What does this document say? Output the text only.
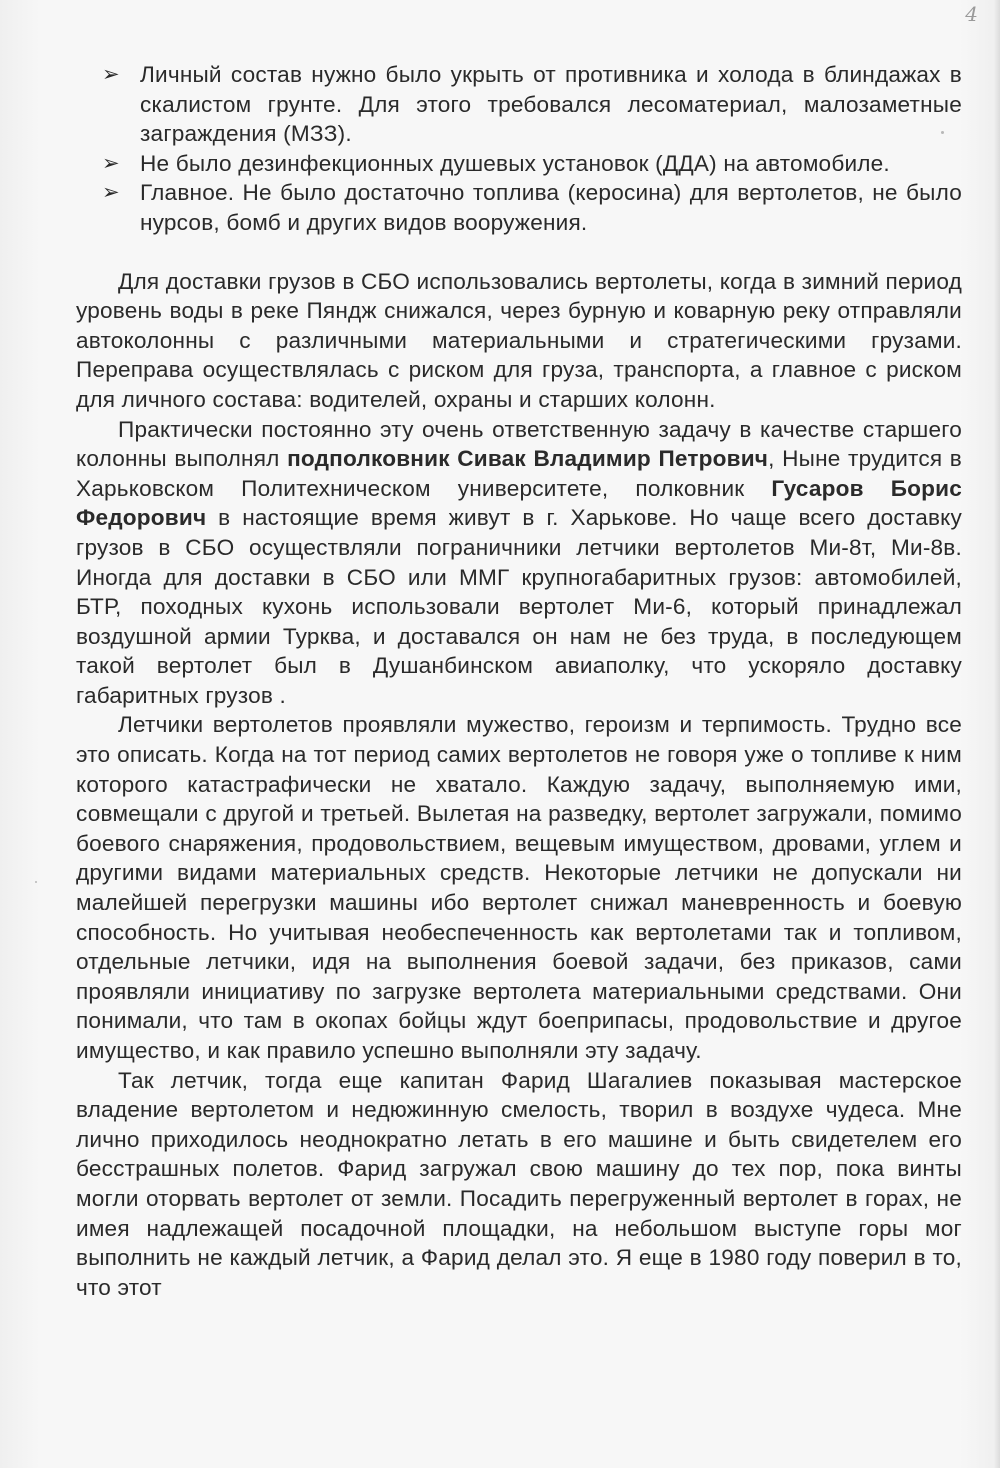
4
➢ Личный состав нужно было укрыть от противника и холода в блиндажах в скалистом грунте. Для этого требовался лесоматериал, малозаметные заграждения (МЗЗ).
➢ Не было дезинфекционных душевых установок (ДДА) на автомобиле.
➢ Главное. Не было достаточно топлива (керосина) для вертолетов, не было нурсов, бомб и других видов вооружения.

Для доставки грузов в СБО использовались вертолеты, когда в зимний период уровень воды в реке Пяндж снижался, через бурную и коварную реку отправляли автоколонны с различными материальными и стратегическими грузами. Переправа осуществлялась с риском для груза, транспорта, а главное с риском для личного состава: водителей, охраны и старших колонн.

Практически постоянно эту очень ответственную задачу в качестве старшего колонны выполнял подполковник Сивак Владимир Петрович, Ныне трудится в Харьковском Политехническом университете, полковник Гусаров Борис Федорович в настоящие время живут в г. Харькове. Но чаще всего доставку грузов в СБО осуществляли пограничники летчики вертолетов Ми-8т, Ми-8в. Иногда для доставки в СБО или ММГ крупногабаритных грузов: автомобилей, БТР, походных кухонь использовали вертолет Ми-6, который принадлежал воздушной армии Турква, и доставался он нам не без труда, в последующем такой вертолет был в Душанбинском авиаполку, что ускоряло доставку габаритных грузов .

Летчики вертолетов проявляли мужество, героизм и терпимость. Трудно все это описать. Когда на тот период самих вертолетов не говоря уже о топливе к ним которого катастрафически не хватало. Каждую задачу, выполняемую ими, совмещали с другой и третьей. Вылетая на разведку, вертолет загружали, помимо боевого снаряжения, продовольствием, вещевым имуществом, дровами, углем и другими видами материальных средств. Некоторые летчики не допускали ни малейшей перегрузки машины ибо вертолет снижал маневренность и боевую способность. Но учитывая необеспеченность как вертолетами так и топливом, отдельные летчики, идя на выполнения боевой задачи, без приказов, сами проявляли инициативу по загрузке вертолета материальными средствами. Они понимали, что там в окопах бойцы ждут боеприпасы, продовольствие и другое имущество, и как правило успешно выполняли эту задачу.

Так летчик, тогда еще капитан Фарид Шагалиев показывая мастерское владение вертолетом и недюжинную смелость, творил в воздухе чудеса. Мне лично приходилось неоднократно летать в его машине и быть свидетелем его бесстрашных полетов. Фарид загружал свою машину до тех пор, пока винты могли оторвать вертолет от земли. Посадить перегруженный вертолет в горах, не имея надлежащей посадочной площадки, на небольшом выступе горы мог выполнить не каждый летчик, а Фарид делал это. Я еще в 1980 году поверил в то, что этот
